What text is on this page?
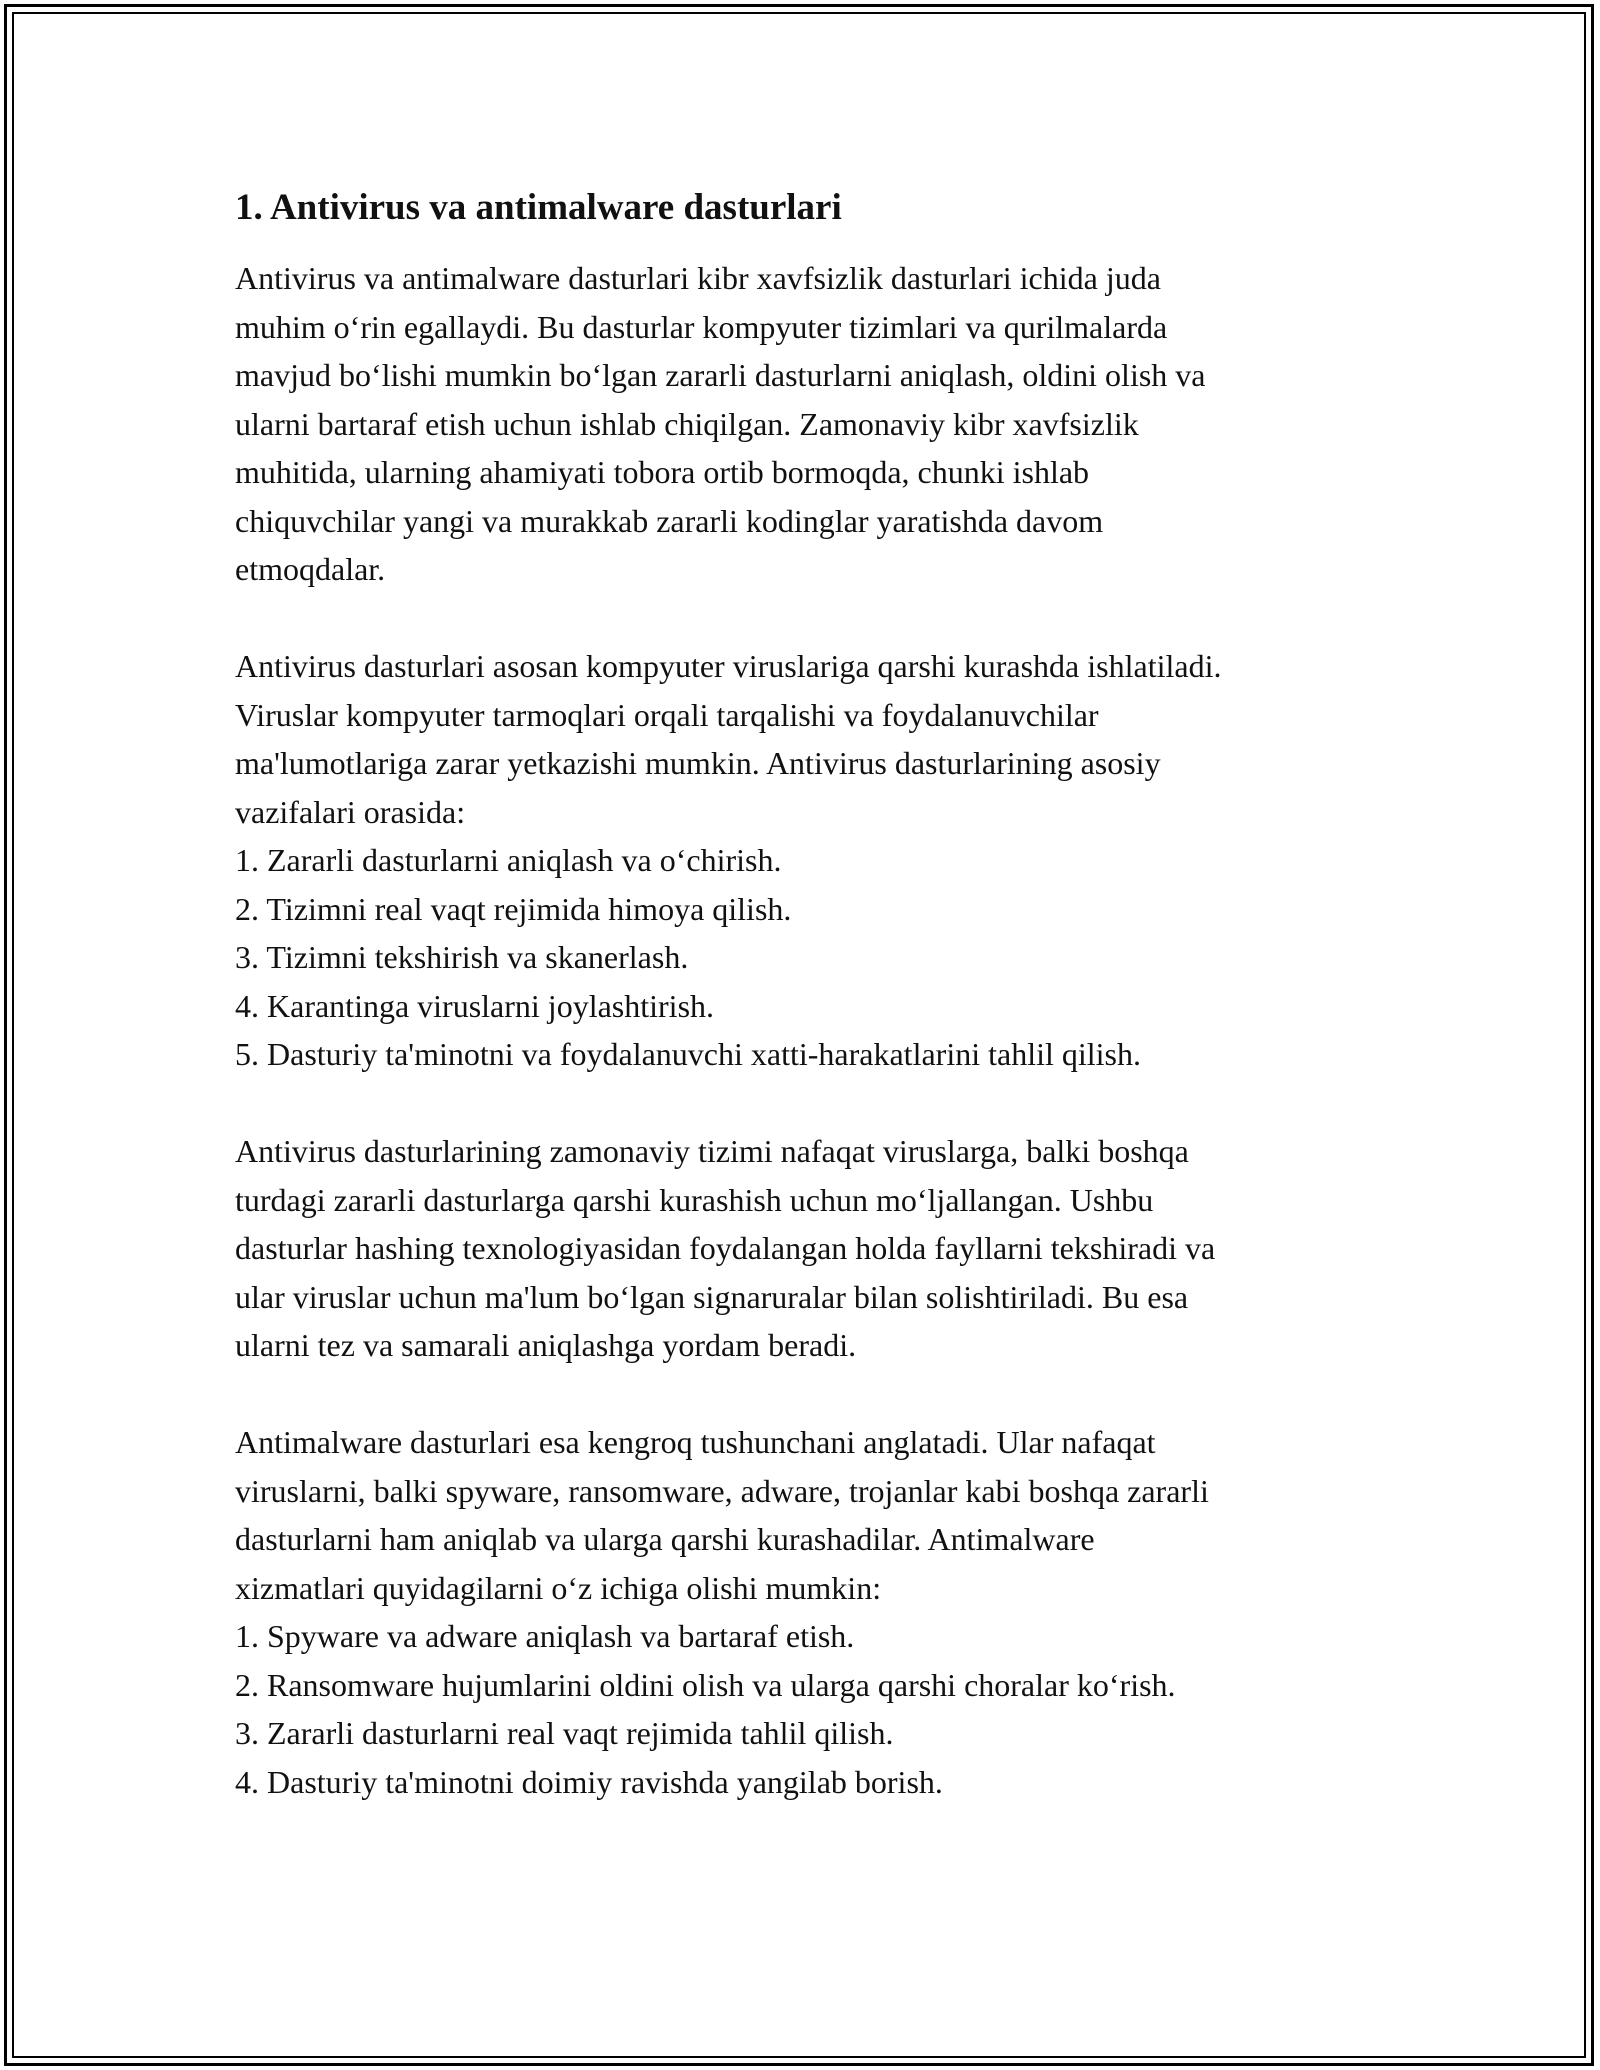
1. Antivirus va antimalware dasturlari

Antivirus va antimalware dasturlari kibr xavfsizlik dasturlari ichida juda
muhim o‘rin egallaydi. Bu dasturlar kompyuter tizimlari va qurilmalarda
mavjud bo‘lishi mumkin bo‘lgan zararli dasturlarni aniqlash, oldini olish va
ularni bartaraf etish uchun ishlab chiqilgan. Zamonaviy kibr xavfsizlik
muhitida, ularning ahamiyati tobora ortib bormoqda, chunki ishlab
chiquvchilar yangi va murakkab zararli kodinglar yaratishda davom
etmoqdalar.

Antivirus dasturlari asosan kompyuter viruslariga qarshi kurashda ishlatiladi.
Viruslar kompyuter tarmoqlari orqali tarqalishi va foydalanuvchilar
ma'lumotlariga zarar yetkazishi mumkin. Antivirus dasturlarining asosiy
vazifalari orasida:
1. Zararli dasturlarni aniqlash va o‘chirish.
2. Tizimni real vaqt rejimida himoya qilish.
3. Tizimni tekshirish va skanerlash.
4. Karantinga viruslarni joylashtirish.
5. Dasturiy ta'minotni va foydalanuvchi xatti-harakatlarini tahlil qilish.

Antivirus dasturlarining zamonaviy tizimi nafaqat viruslarga, balki boshqa
turdagi zararli dasturlarga qarshi kurashish uchun mo‘ljallangan. Ushbu
dasturlar hashing texnologiyasidan foydalangan holda fayllarni tekshiradi va
ular viruslar uchun ma'lum bo‘lgan signaruralar bilan solishtiriladi. Bu esa
ularni tez va samarali aniqlashga yordam beradi.

Antimalware dasturlari esa kengroq tushunchani anglatadi. Ular nafaqat
viruslarni, balki spyware, ransomware, adware, trojanlar kabi boshqa zararli
dasturlarni ham aniqlab va ularga qarshi kurashadilar. Antimalware
xizmatlari quyidagilarni o‘z ichiga olishi mumkin:
1. Spyware va adware aniqlash va bartaraf etish.
2. Ransomware hujumlarini oldini olish va ularga qarshi choralar ko‘rish.
3. Zararli dasturlarni real vaqt rejimida tahlil qilish.
4. Dasturiy ta'minotni doimiy ravishda yangilab borish.
